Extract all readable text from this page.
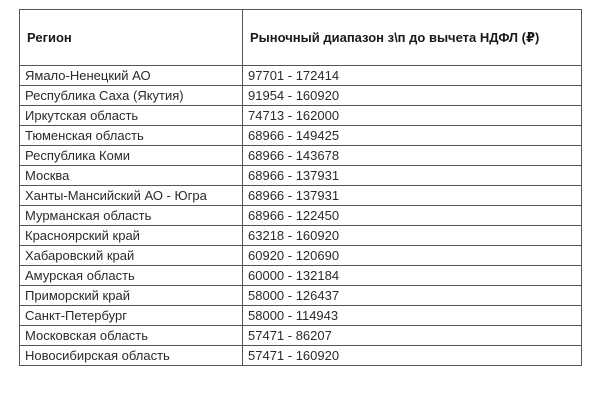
Регион	Рыночный диапазон з\п до вычета НДФЛ (₽)
Ямало-Ненецкий АО	97701 - 172414
Республика Саха (Якутия)	91954 - 160920
Иркутская область	74713 - 162000
Тюменская область	68966 - 149425
Республика Коми	68966 - 143678
Москва	68966 - 137931
Ханты-Мансийский АО - Югра	68966 - 137931
Мурманская область	68966 - 122450
Красноярский край	63218 - 160920
Хабаровский край	60920 - 120690
Амурская область	60000 - 132184
Приморский край	58000 - 126437
Санкт-Петербург	58000 - 114943
Московская область	57471 - 86207
Новосибирская область	57471 - 160920
